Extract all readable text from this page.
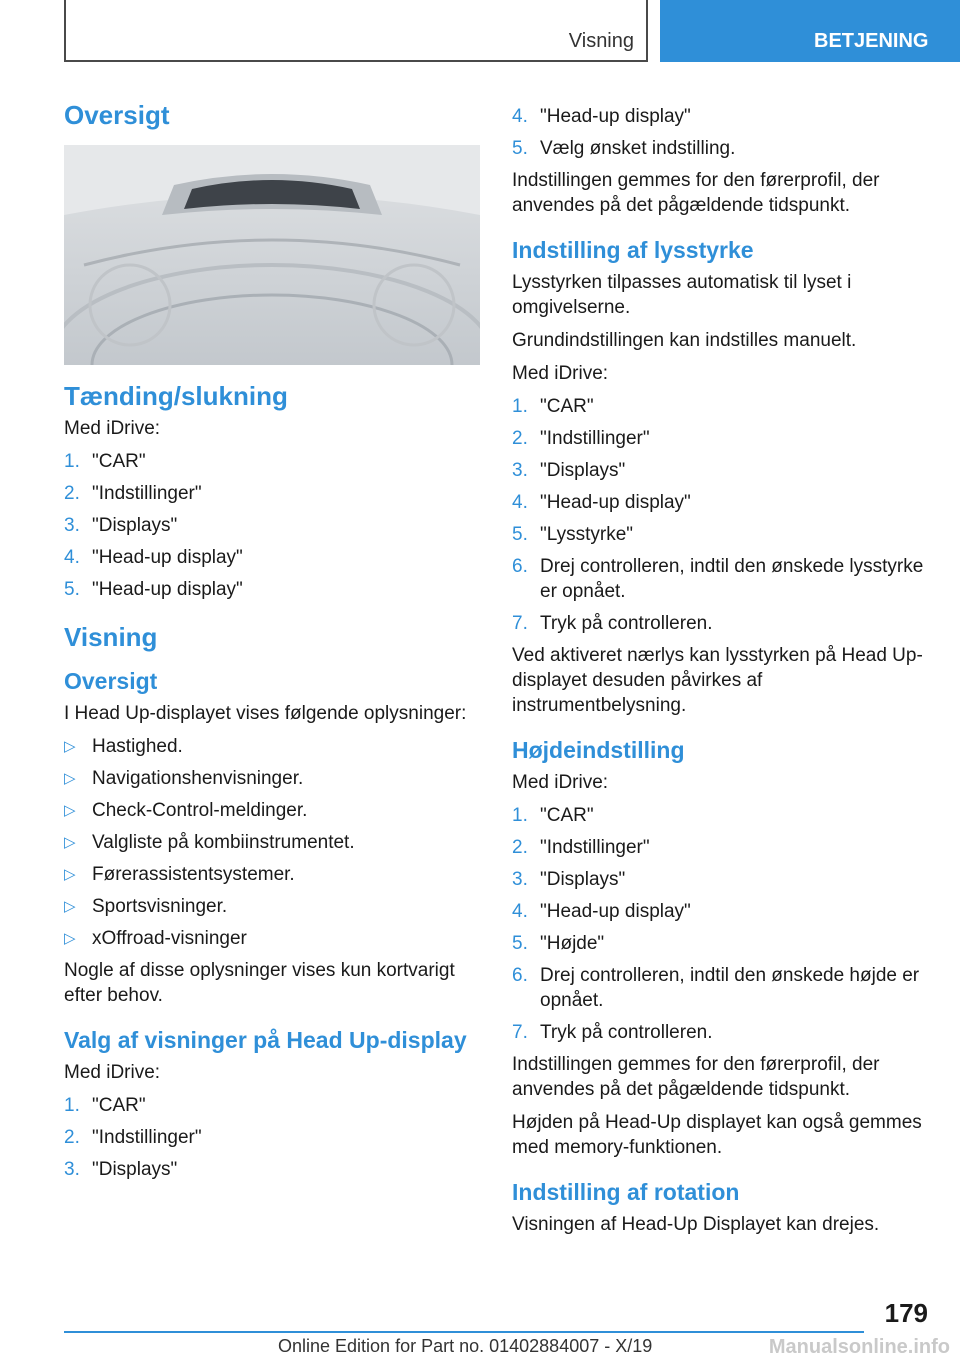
Visning	BETJENING
Oversigt
Tænding/slukning

Med iDrive:

1. "CAR"
2. "Indstillinger"
3. "Displays"
4. "Head-up display"
5. "Head-up display"
Visning
Oversigt

I Head Up-displayet vises følgende oplysninger:

▷ Hastighed.
▷ Navigationshenvisninger.
▷ Check-Control-meldinger.
▷ Valgliste på kombiinstrumentet.
▷ Førerassistentsystemer.
▷ Sportsvisninger.
▷ xOffroad-visninger

Nogle af disse oplysninger vises kun kortvarigt efter behov.

Valg af visninger på Head Up-display

Med iDrive:

1. "CAR"
2. "Indstillinger"
3. "Displays"
4. "Head-up display"
5. Vælg ønsket indstilling.

Indstillingen gemmes for den førerprofil, der anvendes på det pågældende tidspunkt.

Indstilling af lysstyrke

Lysstyrken tilpasses automatisk til lyset i omgivelserne.

Grundindstillingen kan indstilles manuelt.

Med iDrive:

1. "CAR"
2. "Indstillinger"
3. "Displays"
4. "Head-up display"
5. "Lysstyrke"
6. Drej controlleren, indtil den ønskede lysstyrke er opnået.
7. Tryk på controlleren.

Ved aktiveret nærlys kan lysstyrken på Head Up-displayet desuden påvirkes af instrumentbelysning.

Højdeindstilling

Med iDrive:

1. "CAR"
2. "Indstillinger"
3. "Displays"
4. "Head-up display"
5. "Højde"
6. Drej controlleren, indtil den ønskede højde er opnået.
7. Tryk på controlleren.

Indstillingen gemmes for den førerprofil, der anvendes på det pågældende tidspunkt.

Højden på Head-Up displayet kan også gemmes med memory-funktionen.

Indstilling af rotation

Visningen af Head-Up Displayet kan drejes.

179
Online Edition for Part no. 01402884007 - X/19	Manualsonline.info
